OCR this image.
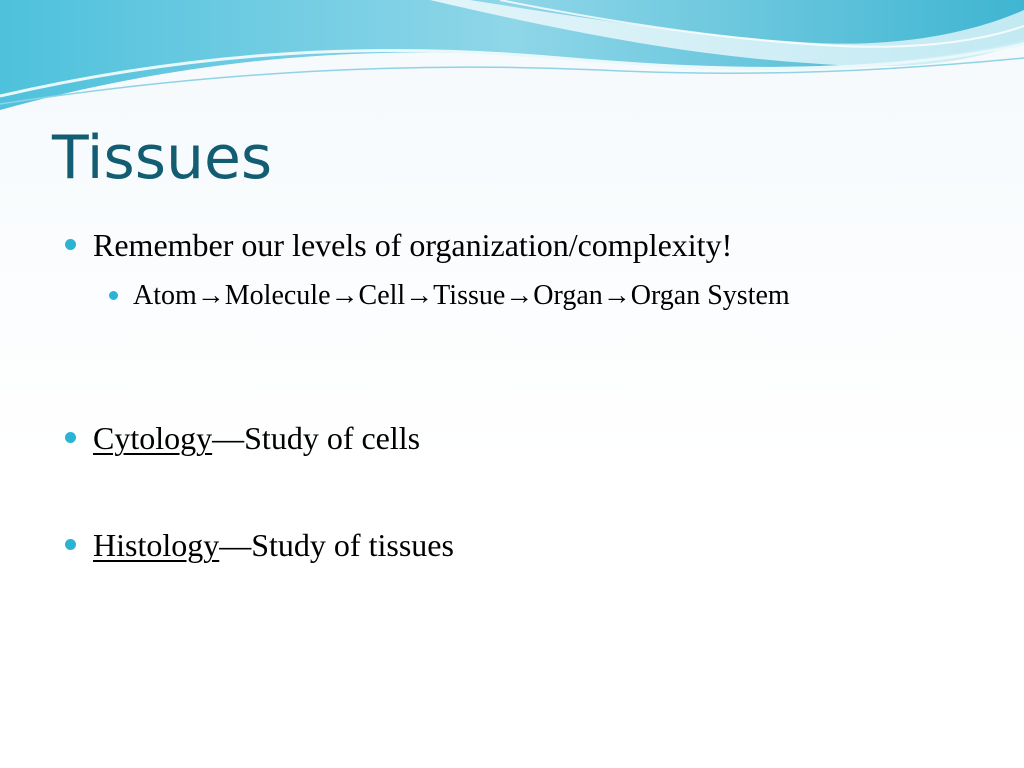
Tissues
Remember our levels of organization/complexity!
Atom→Molecule→Cell→Tissue→Organ→Organ System
Cytology—Study of cells
Histology—Study of tissues
